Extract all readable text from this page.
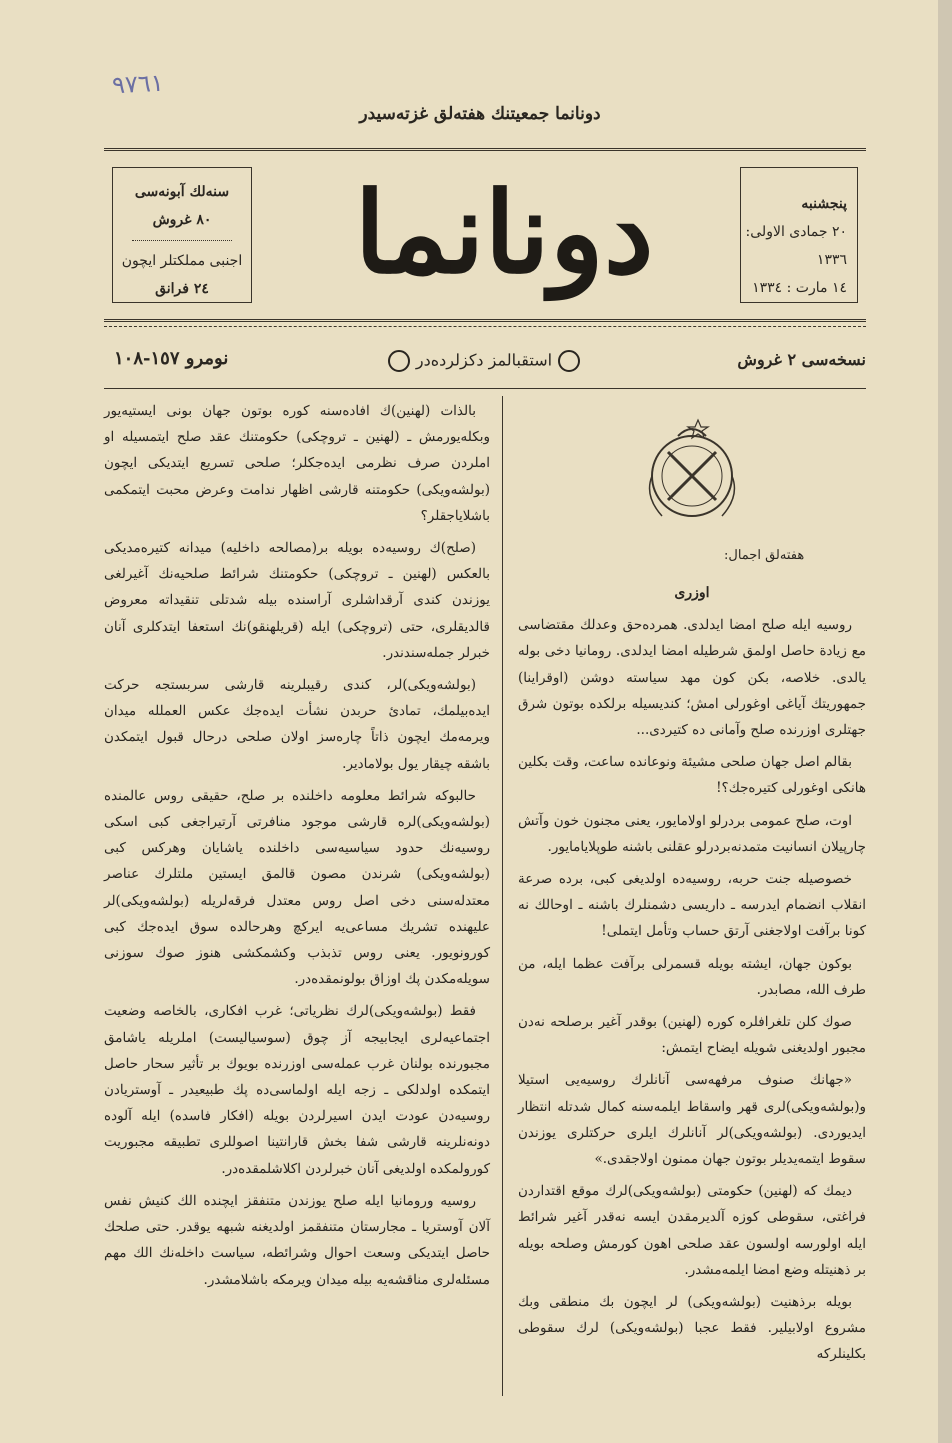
٩٧٦١
دونانما جمعيتنك هفته‌لق غزته‌سيدر
سنه‌لك آبونه‌سى
٨٠ غروش
اجنبى مملكتلر ايچون
٢٤ فرانق	دونانما	پنجشنبه
٢٠ جمادى الاولى: ١٣٣٦
١٤ مارت : ١٣٣٤
نسخه‌سى ٢ غروش
استقبالمز دكزلرده‌در
نومرو ١٥٧-١٠٨
هفته‌لق اجمال:

اوزرى

روسيه ايله صلح امضا ايدلدى. همرده‌حق وعدلك مقتضاسى مع زيادة حاصل اولمق شرطيله امضا ايدلدى. رومانيا دخى بوله يالدى. خلاصه، بكن كون مهد سياسته دوشن (اوقراينا) جمهوريتك آياغى اوغورلى امش؛ كنديسيله برلكده بوتون شرق جهتلرى اوزرنده صلح وآمانى ده كتيردى...

بقالم اصل جهان صلحى مشيئة ونوعانده ساعت، وقت بكلين هانكى اوغورلى كتيره‌جك؟!

اوت، صلح عمومى بردرلو اولامايور، يعنى مجنون خون وآتش چارپيلان انسانيت متمدنه‌بردرلو عقلنى باشنه طوپلايامايور.

خصوصيله جنت حربه، روسيه‌ده اولديغى كبى، برده صرعة انقلاب انضمام ايدرسه ـ داريسى دشمنلرك باشنه ـ اوحالك نه كونا برآفت اولاجغنى آرتق حساب وتأمل ايتملى!

بوكون جهان، ايشته بويله قسمرلى برآفت عظما ايله، من طرف الله، مصابدر.

صوك كلن تلغرافلره كوره (لهنين) بوقدر آغير برصلحه نه‌دن مجبور اولديغنى شويله ايضاح ايتمش:

«جهانك صنوف مرفهه‌سى آنانلرك روسيه‌يى استيلا و(بولشه‌ويكى)لرى قهر واسقاط ايلمه‌سنه كمال شدتله انتظار ايديوردى. (بولشه‌ويكى)لر آنانلرك ايلرى حركتلرى يوزندن سقوط ايتمه‌يديلر بوتون جهان ممنون اولاجقدى.»

ديمك كه (لهنين) حكومتى (بولشه‌ويكى)لرك موقع اقتداردن فراغتى، سقوطى كوزه آلديرمقدن ايسه نه‌قدر آغير شرائط ايله اولورسه اولسون عقد صلحى اهون كورمش وصلحه بويله بر ذهنيتله وضع امضا ايلمه‌مشدر.

بويله برذهنيت (بولشه‌ويكى) لر ايچون بك منطقى وبك مشروع اولابيلير. فقط عجبا (بولشه‌ويكى) لرك سقوطى بكلينلركه

بالذات (لهنين)ك افاده‌سنه كوره بوتون جهان بونى ايستيه‌يور وبكله‌يورمش ـ (لهنين ـ تروچكى) حكومتنك عقد صلح ايتمسيله او املردن صرف نظرمى ايده‌جكلر؛ صلحى تسريع ايتديكى ايچون (بولشه‌ويكى) حكومتنه قارشى اظهار ندامت وعرض محبت ايتمكمى باشلاياجقلر؟

(صلح)ك روسيه‌ده بويله بر(مصالحه داخليه) ميدانه كتيره‌مديكى بالعكس (لهنين ـ تروچكى) حكومتنك شرائط صلحيه‌نك آغيرلغى يوزندن كندى آرقداشلرى آراسنده بيله شدتلى تنقيداته معروض قالديقلرى، حتى (تروچكى) ايله (قريلهنقو)نك استعفا ايتدكلرى آنان خبرلر جمله‌سندندر.

(بولشه‌ويكى)لر، كندى رقيبلرينه قارشى سربستجه حركت ايده‌بيلمك، تمادئ حربدن نشأت ايده‌جك عكس العملله ميدان ويرمه‌مك ايچون ذاتاً چاره‌سز اولان صلحى درحال قبول ايتمكدن باشقه چيقار يول بولامادير.

حالبوكه شرائط معلومه داخلنده بر صلح، حقيقى روس عالمنده (بولشه‌ويكى)لره قارشى موجود منافرتى آرتيراجغى كبى اسكى روسيه‌نك حدود سياسيه‌سى داخلنده ياشايان وهركس كبى (بولشه‌ويكى) شرندن مصون قالمق ايستين ملتلرك عناصر معتدله‌سنى دخى اصل روس معتدل فرقه‌لريله (بولشه‌ويكى)لر عليهنده تشريك مساعى‌يه ايركچ وهرحالده سوق ايده‌جك كبى كورونويور. يعنى روس تذبذب وكشمكشى هنوز صوك سوزنى سويله‌مكدن پك اوزاق بولونمقده‌در.

فقط (بولشه‌ويكى)لرك نظرياتى؛ غرب افكارى، بالخاصه وضعيت اجتماعيه‌لرى ايجابيجه آز چوق (سوسياليست) املريله ياشامق مجبورنده بولنان غرب عمله‌سى اوزرنده بويوك بر تأثير سحار حاصل ايتمكده اولدلكى ـ زجه ايله اولماسى‌ده پك طبيعيدر ـ آوستريادن روسيه‌دن عودت ايدن اسيرلردن بويله (افكار فاسده) ايله آلوده دونه‌نلرينه قارشى شفا بخش قارانتينا اصوللرى تطبيقه مجبوريت كورولمكده اولديغى آنان خبرلردن اكلاشلمقده‌در.

روسيه ورومانيا ايله صلح يوزندن متنفقز ايچنده الك كنيش نفس آلان آوستريا ـ مجارستان متنفقمز اولديغنه شبهه يوقدر. حتى صلحك حاصل ايتديكى وسعت احوال وشرائطه، سياست داخله‌نك الك مهم مسئله‌لرى مناقشه‌يه بيله ميدان ويرمكه باشلامشدر.
